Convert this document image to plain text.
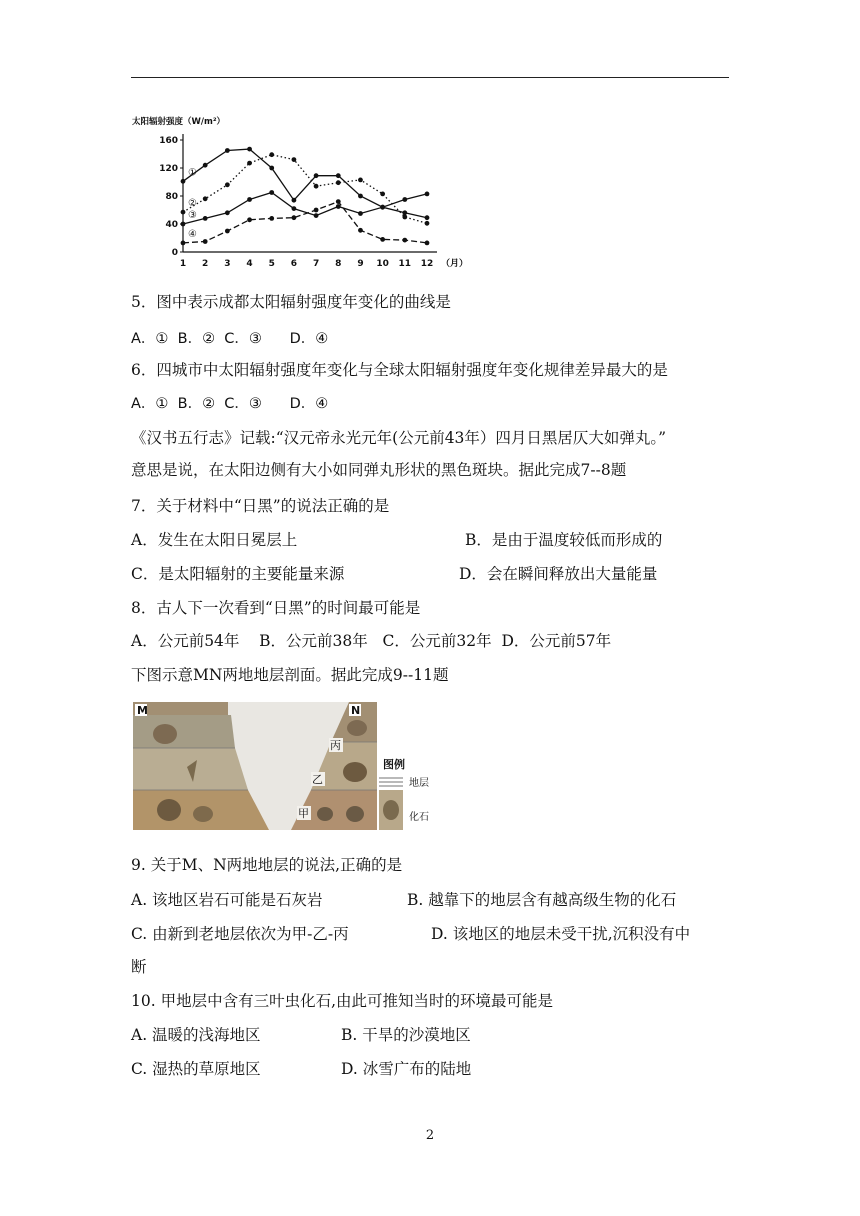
太阳辐射强度（W/m²）
0
40
80
120
160
1 2 3 4 5 6 7 8 9 10 11 12 （月）
①
②
③
④
5．图中表示成都太阳辐射强度年变化的曲线是
A．①  B．②  C．③      D．④
6．四城市中太阳辐射强度年变化与全球太阳辐射强度年变化规律差异最大的是
A．①  B．②  C．③      D．④
《汉书五行志》记载:“汉元帝永光元年(公元前43年）四月日黑居仄大如弹丸。”
意思是说，在太阳边侧有大小如同弹丸形状的黑色斑块。据此完成7--8题
7．关于材料中“日黑”的说法正确的是
A．发生在太阳日冕层上	B．是由于温度较低而形成的
C．是太阳辐射的主要能量来源	D．会在瞬间释放出大量能量
8．古人下一次看到“日黑”的时间最可能是
A．公元前54年    B．公元前38年   C．公元前32年  D．公元前57年
下图示意MN两地地层剖面。据此完成9--11题
M	N
丙
乙
甲
图例
地层
化石
9. 关于M、N两地地层的说法,正确的是
A. 该地区岩石可能是石灰岩	B. 越靠下的地层含有越高级生物的化石
C. 由新到老地层依次为甲-乙-丙	D. 该地区的地层未受干扰,沉积没有中
断
10. 甲地层中含有三叶虫化石,由此可推知当时的环境最可能是
A. 温暖的浅海地区	B. 干旱的沙漠地区
C. 湿热的草原地区	D. 冰雪广布的陆地
2
